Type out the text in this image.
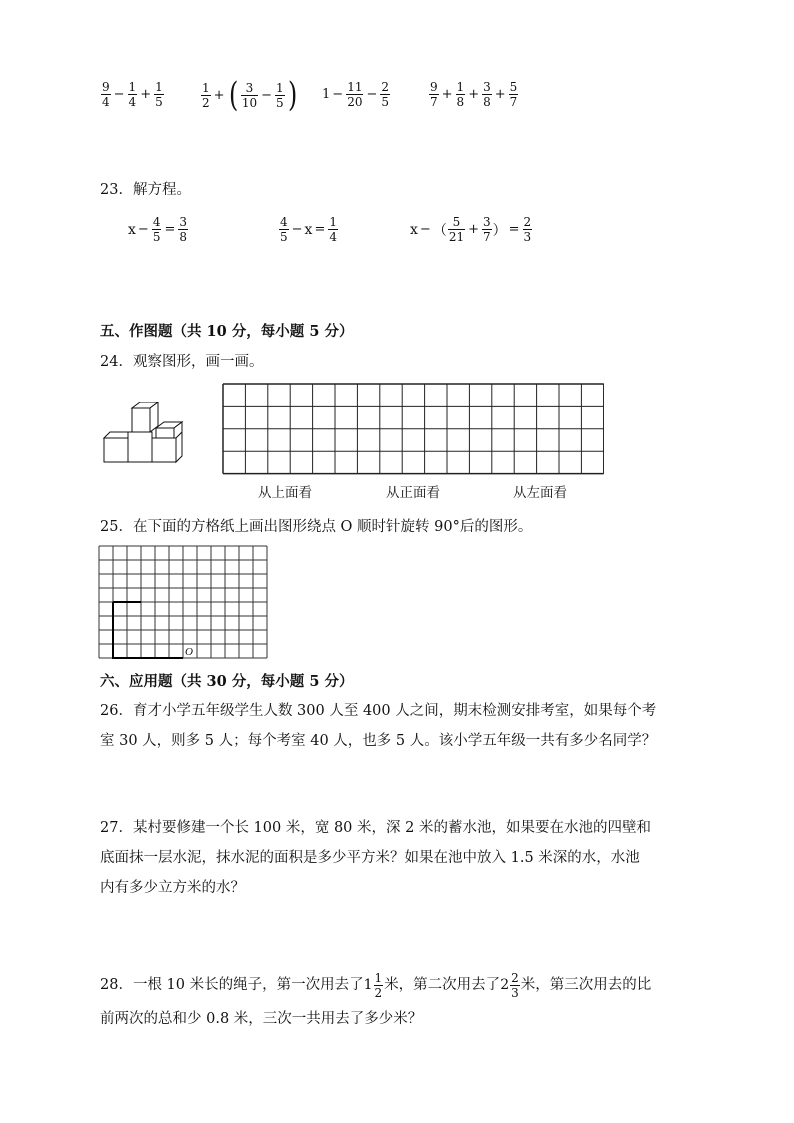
$\frac{9}{4} - \frac{1}{4} + \frac{1}{5}$	$\frac{1}{2}$ + ( $\frac{3}{10} - \frac{1}{5}$ ) $1 - \frac{11}{20} - \frac{2}{5}$	$\frac{9}{7} + \frac{1}{8} + \frac{3}{8} + \frac{5}{7}$
23．解方程。
$x - \frac{4}{5} = \frac{3}{8}$	$\frac{4}{5} - x = \frac{1}{4}$	x − （ $\frac{5}{21} + \frac{3}{7}$ ） = $\frac{2}{3}$
五、作图题（共 10 分，每小题 5 分）
24．观察图形，画一画。
从上面看	从正面看	从左面看
25．在下面的方格纸上画出图形绕点 O 顺时针旋转 90°后的图形。
O
六、应用题（共 30 分，每小题 5 分）
26．育才小学五年级学生人数 300 人至 400 人之间，期末检测安排考室，如果每个考
室 30 人，则多 5 人；每个考室 40 人，也多 5 人。该小学五年级一共有多少名同学？
27．某村要修建一个长 100 米，宽 80 米，深 2 米的蓄水池，如果要在水池的四壁和
底面抹一层水泥，抹水泥的面积是多少平方米？如果在池中放入 1.5 米深的水，水池
内有多少立方米的水？
28．一根 10 米长的绳子，第一次用去了 $1 \frac{1}{2}$ 米，第二次用去了 $2 \frac{2}{3}$ 米，第三次用去的比
前两次的总和少 0.8 米，三次一共用去了多少米？
